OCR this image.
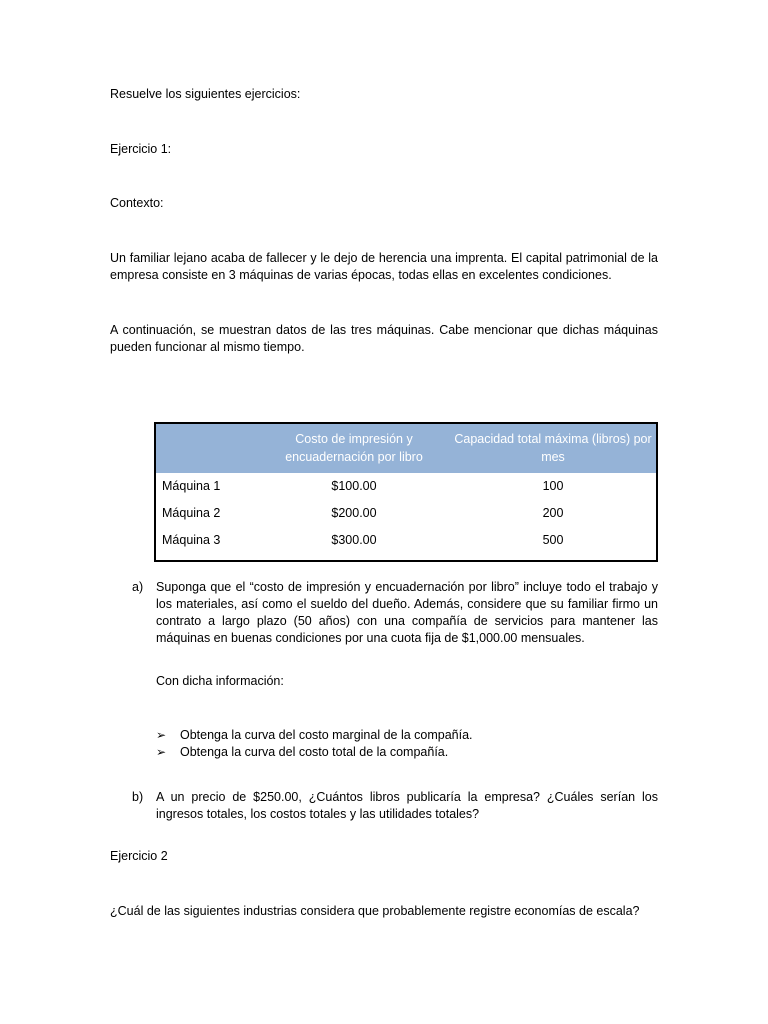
Resuelve los siguientes ejercicios:

Ejercicio 1:

Contexto:

Un familiar lejano acaba de fallecer y le dejo de herencia una imprenta. El capital patrimonial de la empresa consiste en 3 máquinas de varias épocas, todas ellas en excelentes condiciones.

A continuación, se muestran datos de las tres máquinas. Cabe mencionar que dichas máquinas pueden funcionar al mismo tiempo.

	Costo de impresión y encuadernación por libro	Capacidad total máxima (libros) por mes
Máquina 1	$100.00	100
Máquina 2	$200.00	200
Máquina 3	$300.00	500
a) Suponga que el “costo de impresión y encuadernación por libro” incluye todo el trabajo y los materiales, así como el sueldo del dueño. Además, considere que su familiar firmo un contrato a largo plazo (50 años) con una compañía de servicios para mantener las máquinas en buenas condiciones por una cuota fija de $1,000.00 mensuales.

Con dicha información:

➢ Obtenga la curva del costo marginal de la compañía.
➢ Obtenga la curva del costo total de la compañía.
b) A un precio de $250.00, ¿Cuántos libros publicaría la empresa? ¿Cuáles serían los ingresos totales, los costos totales y las utilidades totales?

Ejercicio 2

¿Cuál de las siguientes industrias considera que probablemente registre economías de escala?
